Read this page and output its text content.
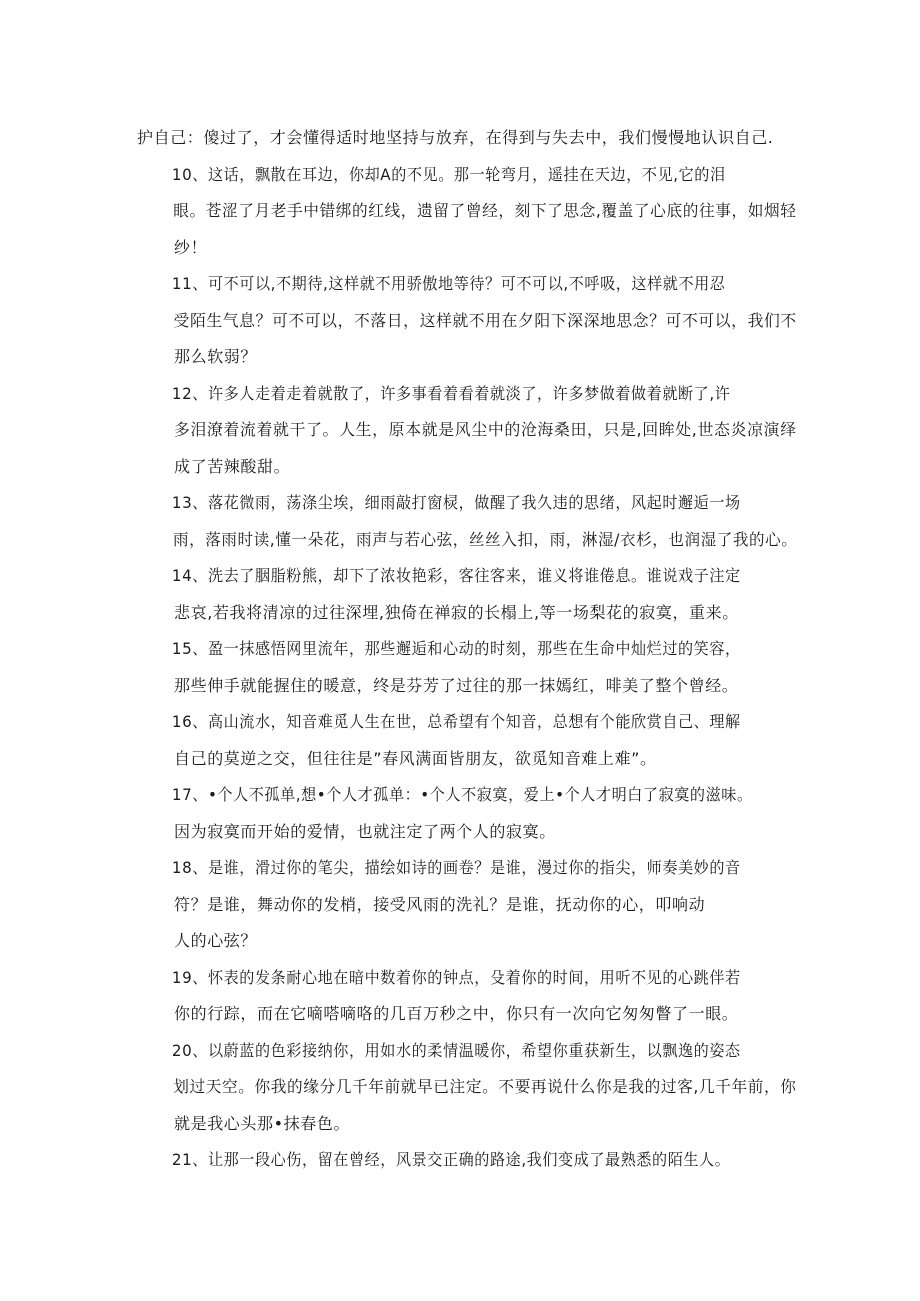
护自己：傻过了，才会懂得适时地坚持与放弃，在得到与失去中，我们慢慢地认识自己.

10、这话，飘散在耳边，你却A的不见。那一轮弯月，遥挂在天边，不见,它的泪
眼。苍涩了月老手中错绑的红线，遗留了曾经，刻下了思念,覆盖了心底的往事，如烟轻
纱！

11、可不可以,不期待,这样就不用骄傲地等待？可不可以,不呼吸，这样就不用忍
受陌生气息？可不可以，不落日，这样就不用在夕阳下深深地思念？可不可以，我们不
那么软弱？

12、许多人走着走着就散了，许多事看着看着就淡了，许多梦做着做着就断了,许
多泪潦着流着就干了。人生，原本就是风尘中的沧海桑田，只是,回眸处,世态炎凉演绎
成了苦辣酸甜。

13、落花微雨，荡涤尘埃，细雨敲打窗棂，做醒了我久违的思绪，风起时邂逅一场
雨，落雨时读,懂一朵花，雨声与若心弦，丝丝入扣，雨，淋湿/衣杉，也润湿了我的心。

14、洗去了胭脂粉熊，却下了浓妆艳彩，客往客来，谁义将谁倦息。谁说戏子注定
悲哀,若我将清凉的过往深埋,独倚在禅寂的长榻上,等一场梨花的寂寞，重来。

15、盈一抹感悟网里流年，那些邂逅和心动的时刻，那些在生命中灿烂过的笑容，
那些伸手就能握住的暖意，终是芬芳了过往的那一抹嫣红，啡美了整个曾经。

16、高山流水，知音难觅人生在世，总希望有个知音，总想有个能欣赏自己、理解
自己的莫逆之交，但往往是”春风满面皆朋友，欲觅知音难上难”。

17、•个人不孤单,想•个人才孤单：•个人不寂寞，爱上•个人才明白了寂寞的滋味。
因为寂寞而开始的爱情，也就注定了两个人的寂寞。

18、是谁，滑过你的笔尖，描绘如诗的画卷？是谁，漫过你的指尖，师奏美妙的音
符？是谁，舞动你的发梢，接受风雨的洗礼？是谁，抚动你的心，叩响动
人的心弦？

19、怀表的发条耐心地在暗中数着你的钟点，殳着你的时间，用听不见的心跳伴若
你的行踪，而在它嘀嗒嘀咯的几百万秒之中，你只有一次向它匆匆瞥了一眼。

20、以蔚蓝的色彩接纳你，用如水的柔情温暖你，希望你重获新生，以飘逸的姿态
划过天空。你我的缘分几千年前就早已注定。不要再说什么你是我的过客,几千年前，你
就是我心头那•抹春色。

21、让那一段心伤，留在曾经，风景交正确的路途,我们变成了最熟悉的陌生人。
